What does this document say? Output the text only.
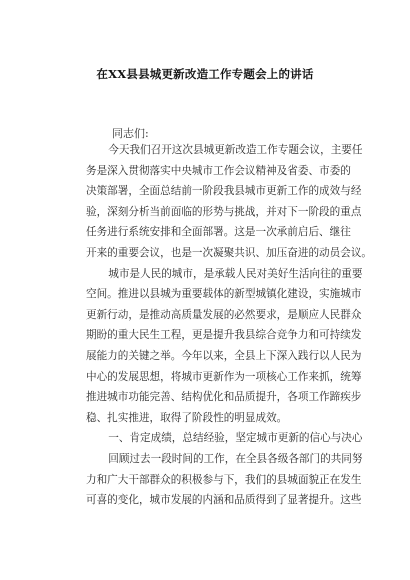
在XX县县城更新改造工作专题会上的讲话
同志们:
今天我们召开这次县城更新改造工作专题会议，主要任
务是深入贯彻落实中央城市工作会议精神及省委、市委的
决策部署，全面总结前一阶段我县城市更新工作的成效与经
验，深刻分析当前面临的形势与挑战，并对下一阶段的重点
任务进行系统安排和全面部署。这是一次承前启后、继往
开来的重要会议，也是一次凝聚共识、加压奋进的动员会议。
城市是人民的城市，是承载人民对美好生活向往的重要
空间。推进以县城为重要载体的新型城镇化建设，实施城市
更新行动，是推动高质量发展的必然要求，是顺应人民群众
期盼的重大民生工程，更是提升我县综合竞争力和可持续发
展能力的关键之举。今年以来，全县上下深入践行以人民为
中心的发展思想，将城市更新作为一项核心工作来抓，统筹
推进城市功能完善、结构优化和品质提升，各项工作蹄疾步
稳、扎实推进，取得了阶段性的明显成效。
一、肯定成绩，总结经验，坚定城市更新的信心与决心
回顾过去一段时间的工作，在全县各级各部门的共同努
力和广大干部群众的积极参与下，我们的县城面貌正在发生
可喜的变化，城市发展的内涵和品质得到了显著提升。这些
